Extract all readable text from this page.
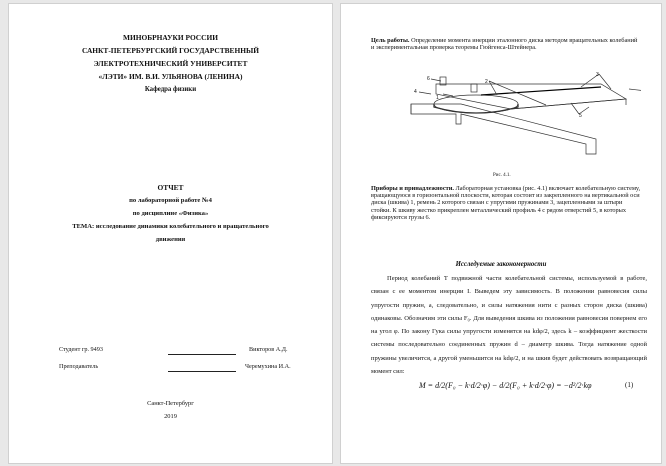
МИНОБРНАУКИ РОССИИ
САНКТ-ПЕТЕРБУРГСКИЙ ГОСУДАРСТВЕННЫЙ
ЭЛЕКТРОТЕХНИЧЕСКИЙ УНИВЕРСИТЕТ
«ЛЭТИ» ИМ. В.И. УЛЬЯНОВА (ЛЕНИНА)
Кафедра физики
ОТЧЕТ
по лабораторной работе №4
по дисциплине «Физика»
ТЕМА: исследование динамики колебательного и вращательного
движения
Студент гр. 9493	Викторов А.Д.
Преподаватель	Черемухина И.А.
Санкт-Петербург
2019
Цель работы. Определение момента инерции эталонного диска методом вращательных колебаний и экспериментальная проверка теоремы Гюйгенса-Штейнера.
2
3
6
4
1
5
Рис. 4.1.
Приборы и принадлежности. Лабораторная установка (рис. 4.1) включает колебательную систему, вращающуюся в горизонтальной плоскости, которая состоит из закрепленного на вертикальной оси диска (шкива) 1, ремень 2 которого связан с упругими пружинами 3, зацепленными за штыри стойки. К шкиву жестко прикреплен металлический профиль 4 с рядом отверстий 5, в которых фиксируются грузы 6.
Исследуемые закономерности
Период колебаний T подвижной части колебательной системы, используемой в работе, связан с ее моментом инерции I. Выведем эту зависимость. В положении равновесия силы упругости пружин, а, следовательно, и силы натяжения нити с разных сторон диска (шкива) одинаковы. Обозначим эти силы F₀. Для выведения шкива из положения равновесия повернем его на угол φ. По закону Гука силы упругости изменятся на kdφ/2, здесь k – коэффициент жесткости системы последовательно соединенных пружин d – диаметр шкива. Тогда натяжение одной пружины увеличится, а другой уменьшится на kdφ/2, и на шкив будет действовать возвращающий момент сил:
M = d/2(F₀ − k·d/2·φ) − d/2(F₀ + k·d/2·φ) = −d²/2·kφ	(1)
